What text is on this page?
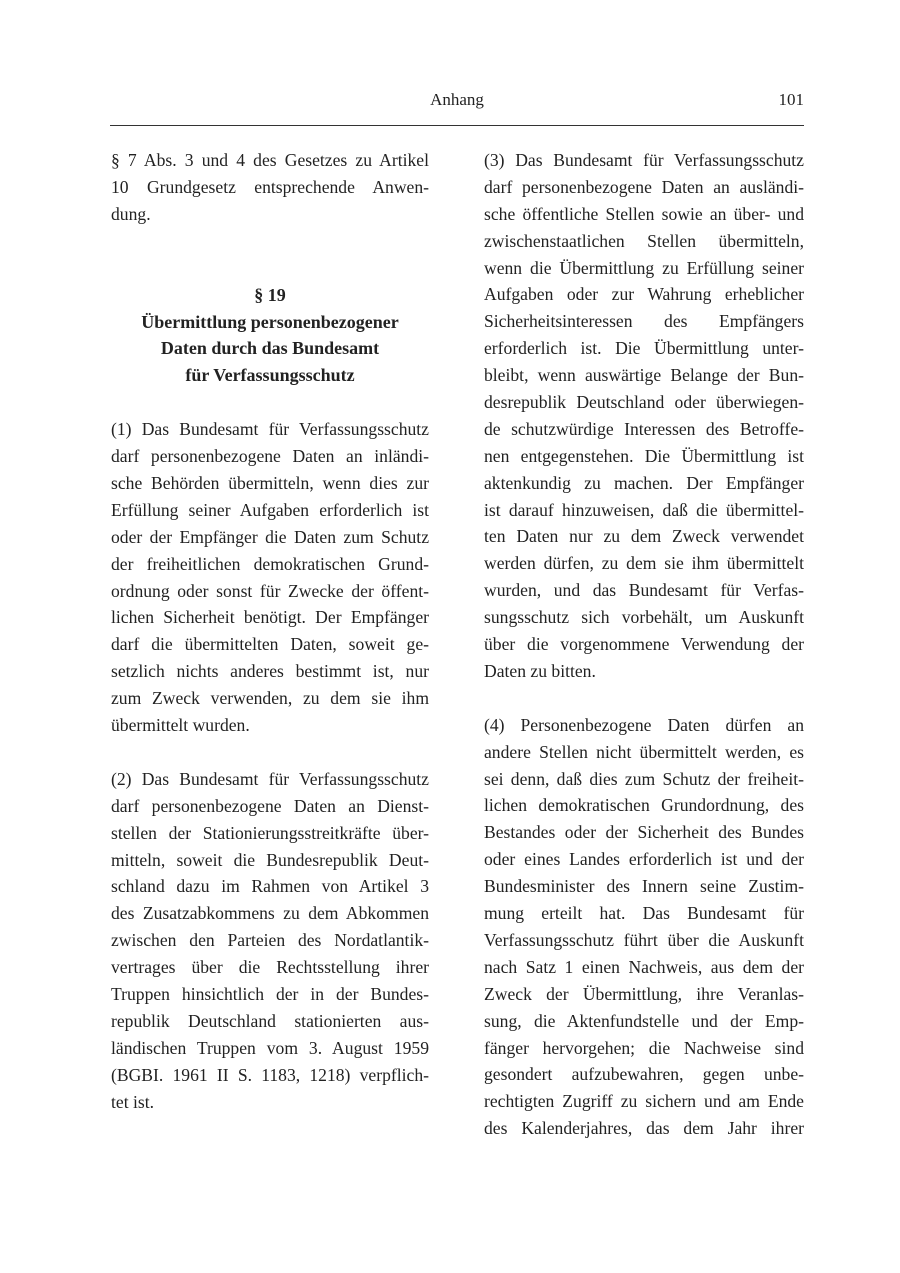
Anhang	101

§ 7 Abs. 3 und 4 des Gesetzes zu Artikel
10 Grundgesetz entsprechende Anwen-
dung.

§ 19
Übermittlung personenbezogener
Daten durch das Bundesamt
für Verfassungsschutz

(1) Das Bundesamt für Verfassungsschutz
darf personenbezogene Daten an inländi-
sche Behörden übermitteln, wenn dies zur
Erfüllung seiner Aufgaben erforderlich ist
oder der Empfänger die Daten zum Schutz
der freiheitlichen demokratischen Grund-
ordnung oder sonst für Zwecke der öffent-
lichen Sicherheit benötigt. Der Empfänger
darf die übermittelten Daten, soweit ge-
setzlich nichts anderes bestimmt ist, nur
zum Zweck verwenden, zu dem sie ihm
übermittelt wurden.

(2) Das Bundesamt für Verfassungsschutz
darf personenbezogene Daten an Dienst-
stellen der Stationierungsstreitkräfte über-
mitteln, soweit die Bundesrepublik Deut-
schland dazu im Rahmen von Artikel 3
des Zusatzabkommens zu dem Abkommen
zwischen den Parteien des Nordatlantik-
vertrages über die Rechtsstellung ihrer
Truppen hinsichtlich der in der Bundes-
republik Deutschland stationierten aus-
ländischen Truppen vom 3. August 1959
(BGBI. 1961 II S. 1183, 1218) verpflich-
tet ist.

(3) Das Bundesamt für Verfassungsschutz
darf personenbezogene Daten an ausländi-
sche öffentliche Stellen sowie an über- und
zwischenstaatlichen Stellen übermitteln,
wenn die Übermittlung zu Erfüllung seiner
Aufgaben oder zur Wahrung erheblicher
Sicherheitsinteressen des Empfängers
erforderlich ist. Die Übermittlung unter-
bleibt, wenn auswärtige Belange der Bun-
desrepublik Deutschland oder überwiegen-
de schutzwürdige Interessen des Betroffe-
nen entgegenstehen. Die Übermittlung ist
aktenkundig zu machen. Der Empfänger
ist darauf hinzuweisen, daß die übermittel-
ten Daten nur zu dem Zweck verwendet
werden dürfen, zu dem sie ihm übermittelt
wurden, und das Bundesamt für Verfas-
sungsschutz sich vorbehält, um Auskunft
über die vorgenommene Verwendung der
Daten zu bitten.

(4) Personenbezogene Daten dürfen an
andere Stellen nicht übermittelt werden, es
sei denn, daß dies zum Schutz der freiheit-
lichen demokratischen Grundordnung, des
Bestandes oder der Sicherheit des Bundes
oder eines Landes erforderlich ist und der
Bundesminister des Innern seine Zustim-
mung erteilt hat. Das Bundesamt für
Verfassungsschutz führt über die Auskunft
nach Satz 1 einen Nachweis, aus dem der
Zweck der Übermittlung, ihre Veranlas-
sung, die Aktenfundstelle und der Emp-
fänger hervorgehen; die Nachweise sind
gesondert aufzubewahren, gegen unbe-
rechtigten Zugriff zu sichern und am Ende
des Kalenderjahres, das dem Jahr ihrer
